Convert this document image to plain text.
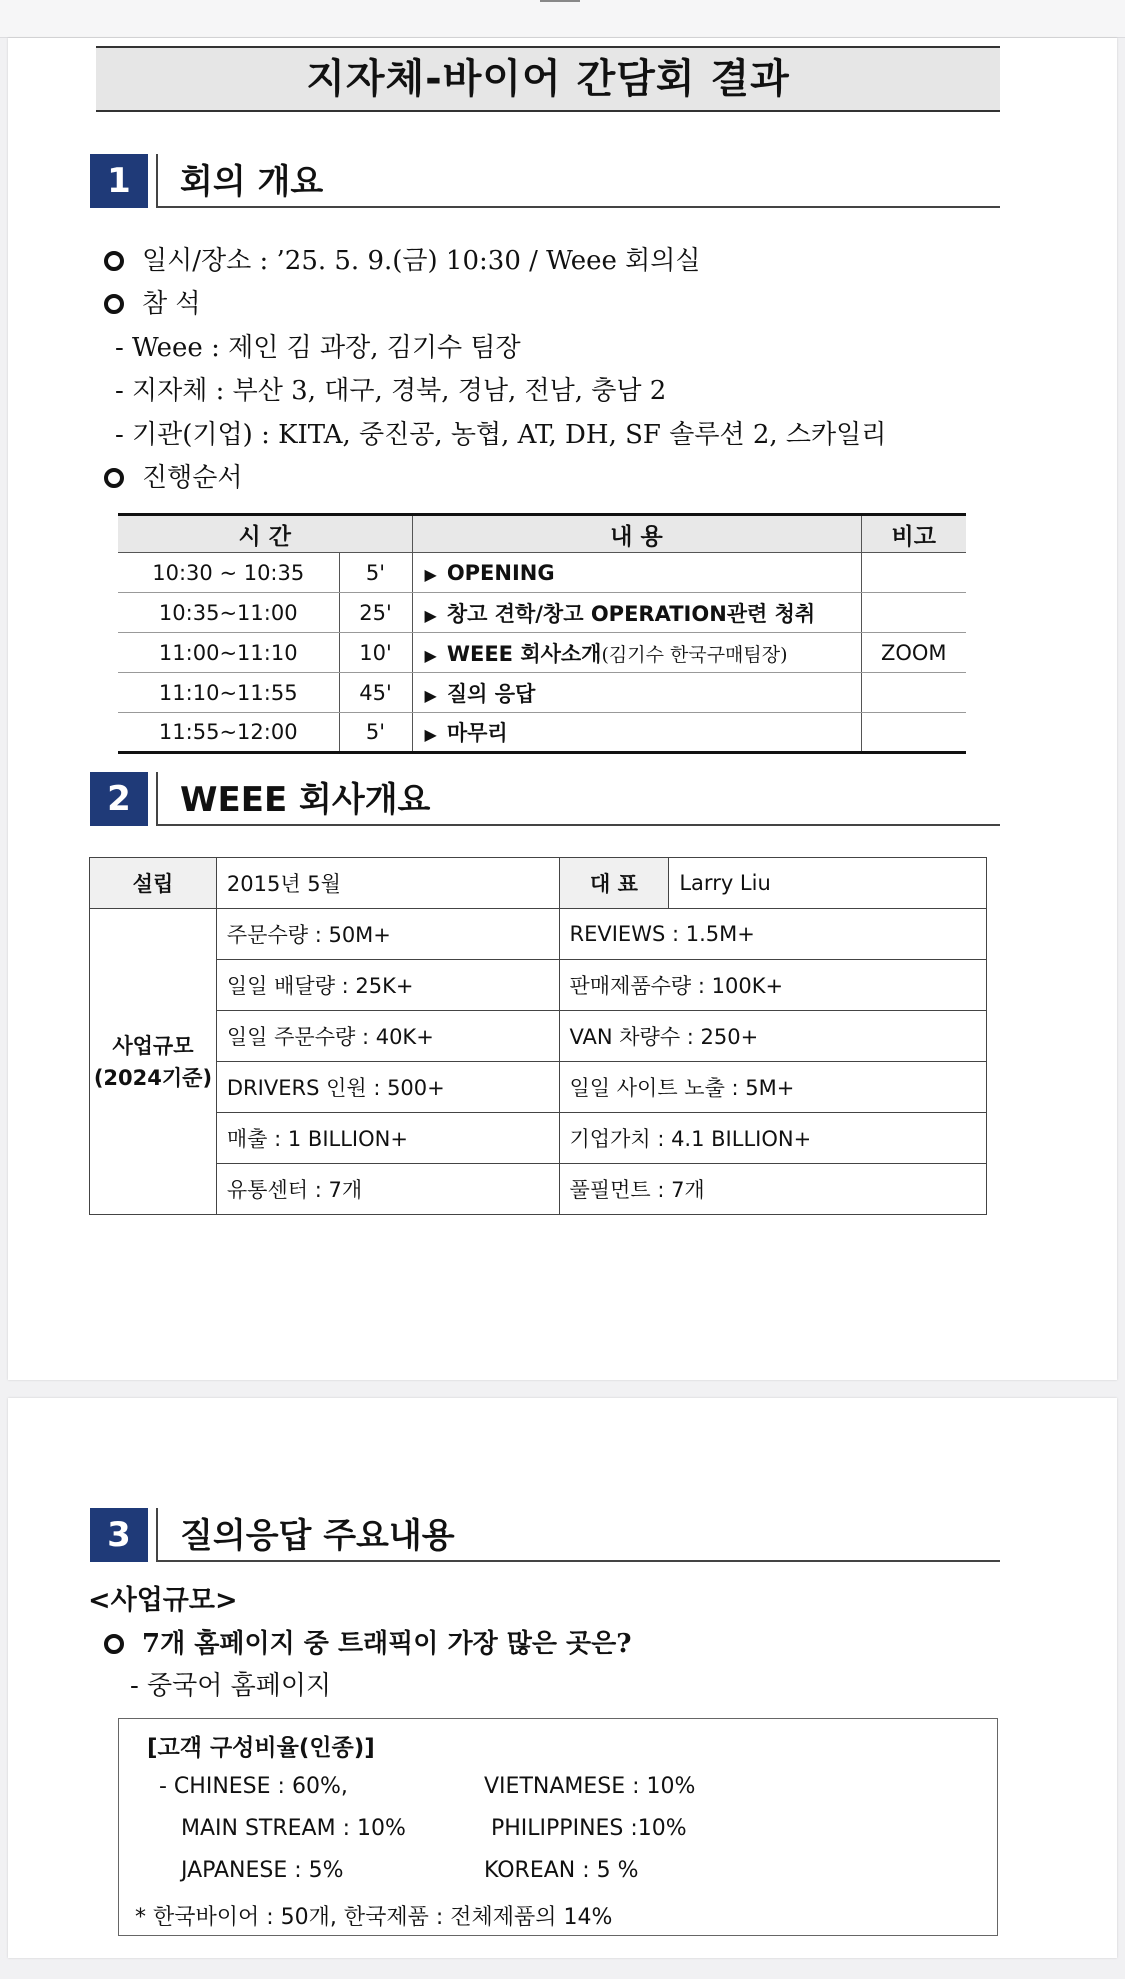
지자체-바이어 간담회 결과
1	회의 개요
일시/장소 : ’25. 5. 9.(금) 10:30 / Weee 회의실
참 석
- Weee : 제인 김 과장, 김기수 팀장
- 지자체 : 부산 3, 대구, 경북, 경남, 전남, 충남 2
- 기관(기업) : KITA, 중진공, 농협, AT, DH, SF 솔루션 2, 스카일리
진행순서
시 간		내 용	비고
10:30 ~ 10:35	5'	▶ OPENING	
10:35~11:00	25'	▶ 창고 견학/창고 OPERATION관련 청취	
11:00~11:10	10'	▶ WEEE 회사소개(김기수 한국구매팀장)	ZOOM
11:10~11:55	45'	▶ 질의 응답	
11:55~12:00	5'	▶ 마무리	
2	WEEE 회사개요
설립	2015년 5월	대 표	Larry Liu

사업규모
(2024기준)	주문수량 : 50M+	REVIEWS : 1.5M+	
	일일 배달량 : 25K+	판매제품수량 : 100K+	
	일일 주문수량 : 40K+	VAN 차량수 : 250+	
	DRIVERS 인원 : 500+	일일 사이트 노출 : 5M+	
	매출 : 1 BILLION+	기업가치 : 4.1 BILLION+	
	유통센터 : 7개	풀필먼트 : 7개	
3	질의응답 주요내용
<사업규모>
7개 홈페이지 중 트래픽이 가장 많은 곳은?
- 중국어 홈페이지
[고객 구성비율(인종)]
- CHINESE : 60%,	VIETNAMESE : 10%
MAIN STREAM : 10%	PHILIPPINES :10%
JAPANESE : 5%	KOREAN : 5 %
* 한국바이어 : 50개, 한국제품 : 전체제품의 14%
